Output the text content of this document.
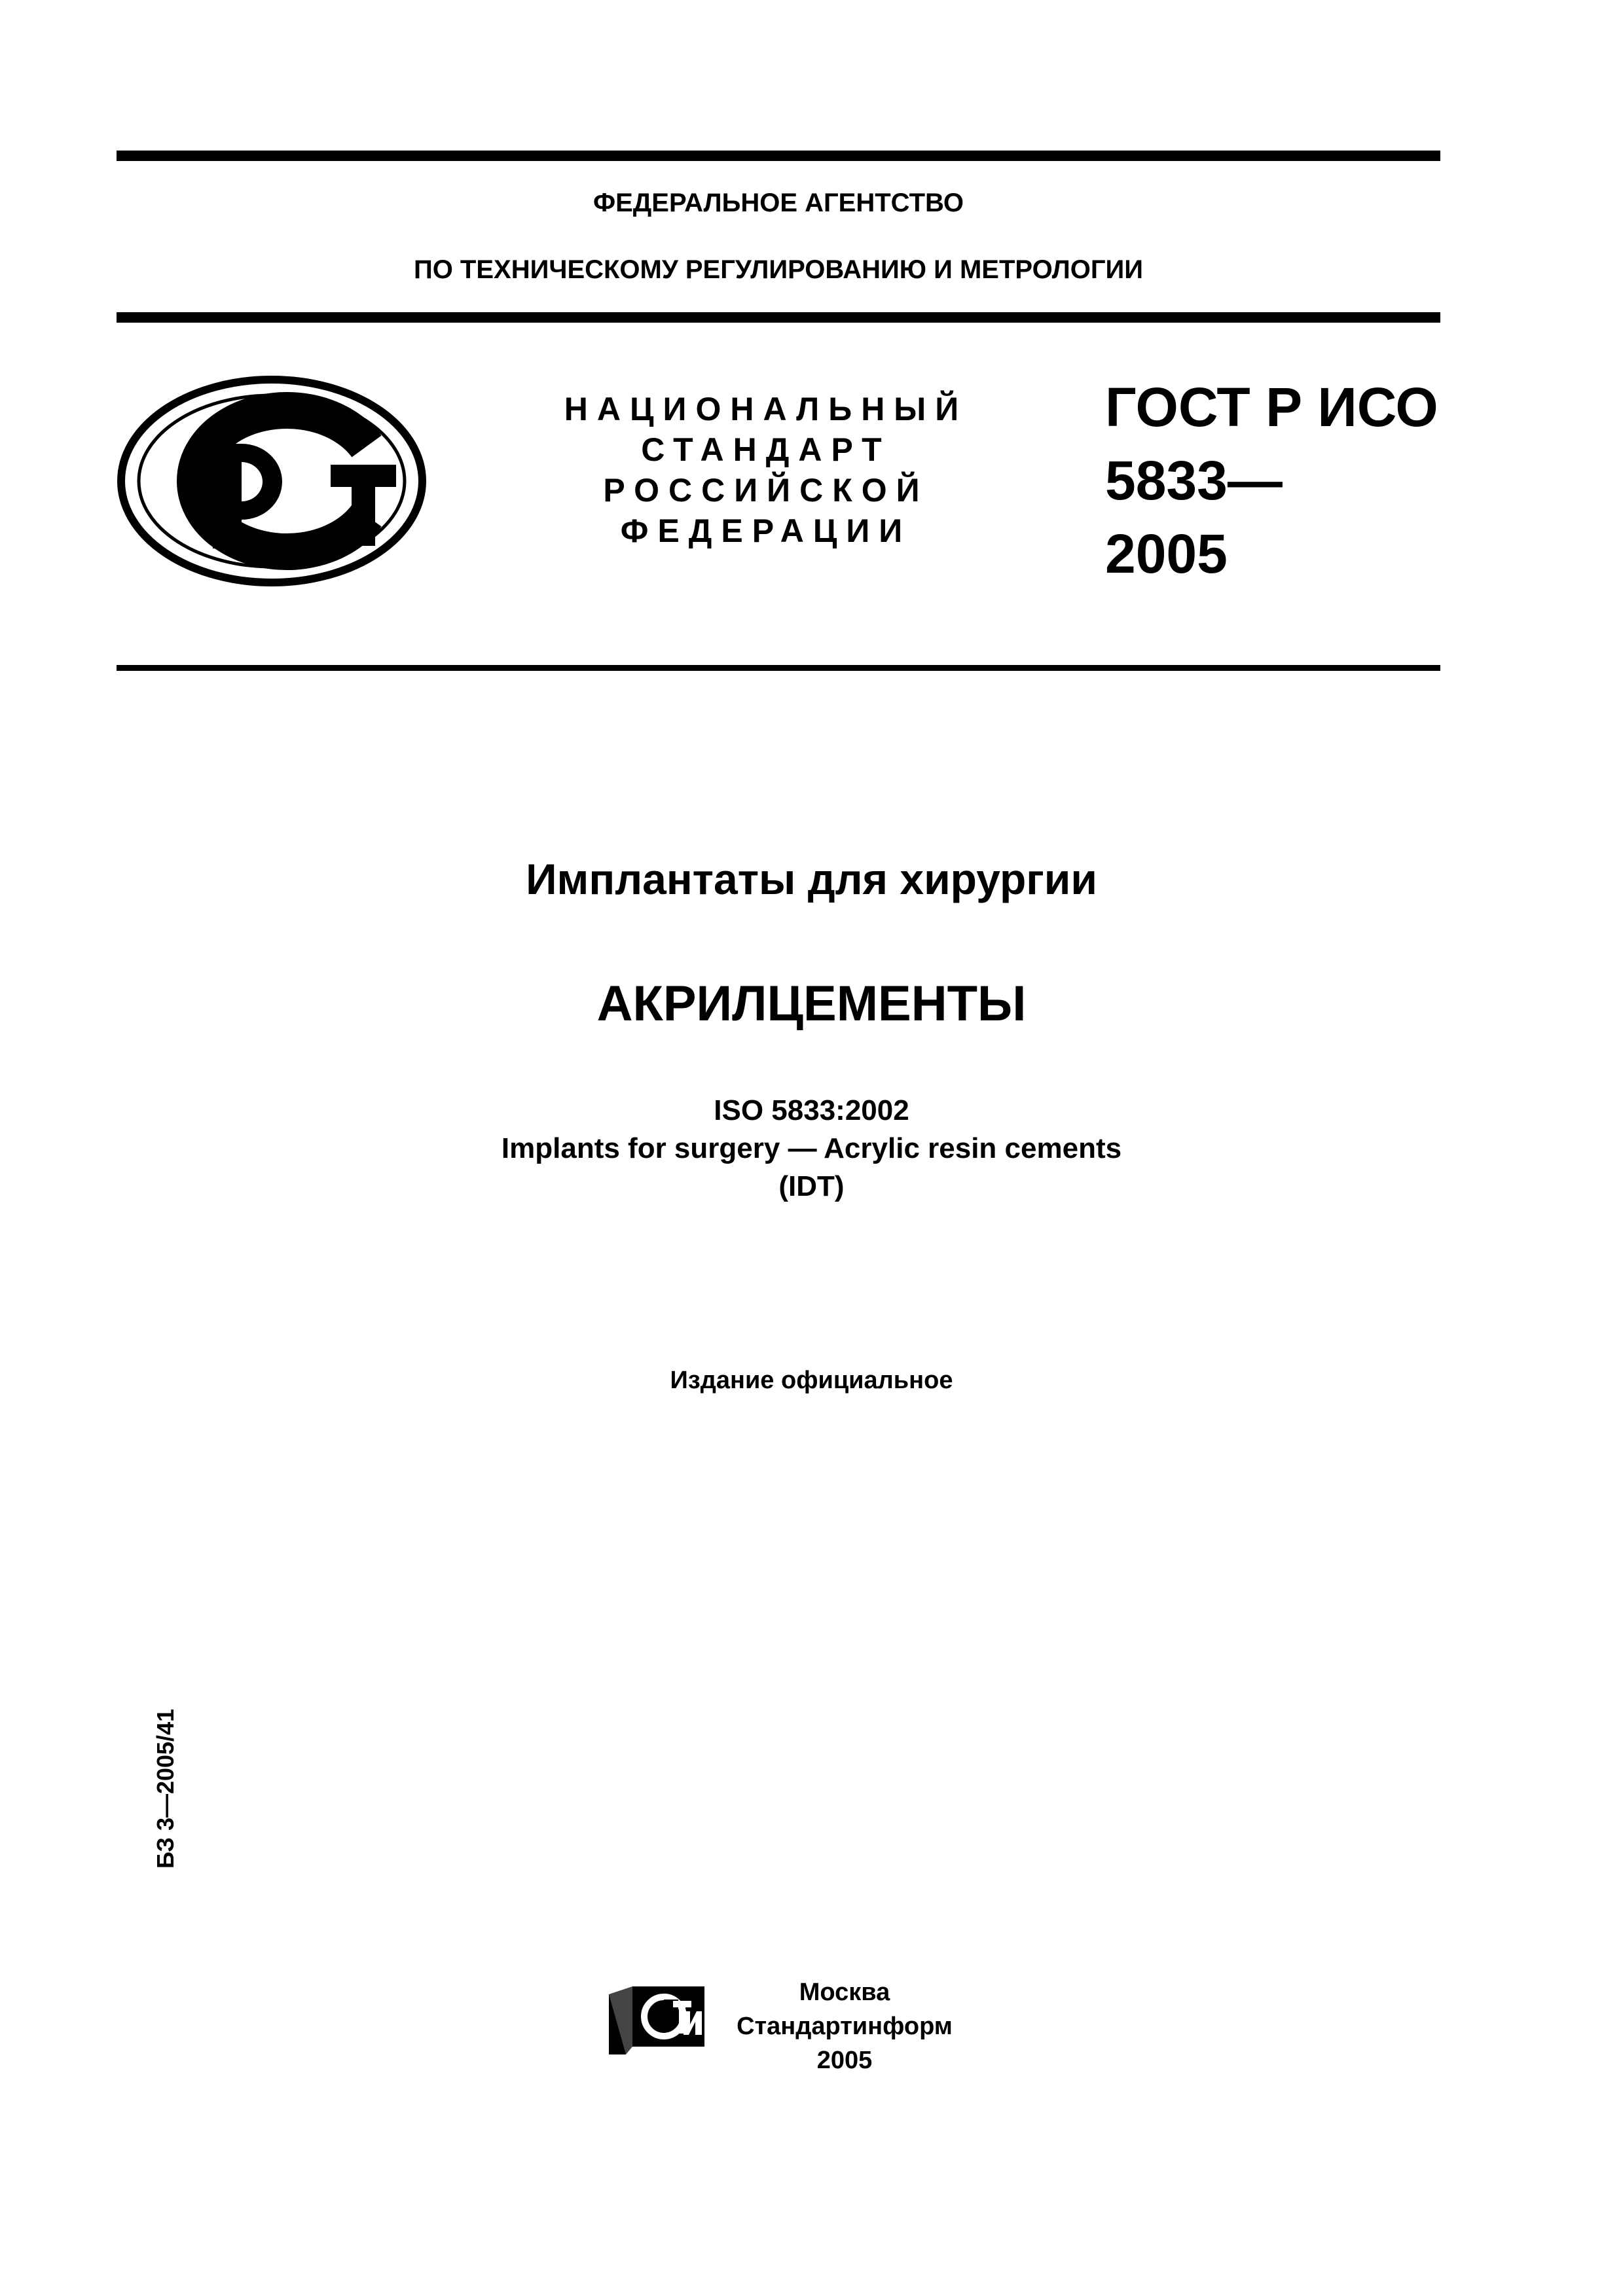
ФЕДЕРАЛЬНОЕ АГЕНТСТВО
ПО ТЕХНИЧЕСКОМУ РЕГУЛИРОВАНИЮ И МЕТРОЛОГИИ
НАЦИОНАЛЬНЫЙ
СТАНДАРТ
РОССИЙСКОЙ
ФЕДЕРАЦИИ
ГОСТ Р ИСО
5833—
2005
Имплантаты для хирургии
АКРИЛЦЕМЕНТЫ
ISO 5833:2002
Implants for surgery — Acrylic resin cements
(IDT)
Издание официальное
БЗ 3—2005/41
Москва
Стандартинформ
2005
